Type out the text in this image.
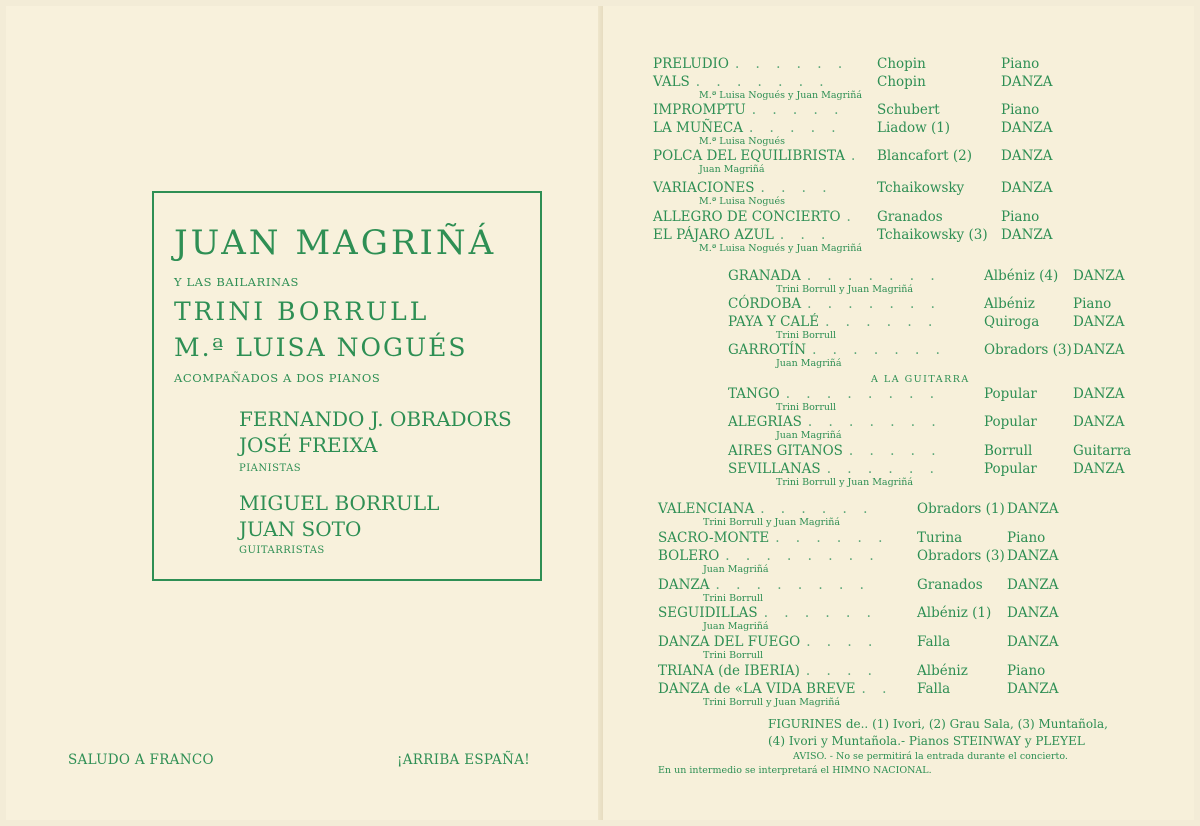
JUAN MAGRIÑÁ
Y LAS BAILARINAS
TRINI BORRULL
M.ª LUISA NOGUÉS
ACOMPAÑADOS A DOS PIANOS
FERNANDO J. OBRADORS
JOSÉ FREIXA
PIANISTAS
MIGUEL BORRULL
JUAN SOTO
GUITARRISTAS
SALUDO A FRANCO	¡ARRIBA ESPAÑA!
PRELUDIO	Chopin	Piano
. . . . . .
VALS	Chopin	DANZA
M.ª Luisa Nogués y Juan Magriñá
. . . . . . .
IMPROMPTU	Schubert	Piano
. . . . .
LA MUÑECA	Liadow (1)	DANZA
M.ª Luisa Nogués
. . . . .
POLCA DEL EQUILIBRISTA Blancafort (2) DANZA
Juan Magriñá
.
VARIACIONES	Tchaikowsky	DANZA
M.ª Luisa Nogués
. . . .
ALLEGRO DE CONCIERTO	Granados	Piano
.
EL PÁJARO AZUL	Tchaikowsky (3) DANZA
M.ª Luisa Nogués y Juan Magriñá
. . .
GRANADA	Albéniz (4) DANZA
Trini Borrull y Juan Magriñá
. . . . . . .
CÓRDOBA	Albéniz	Piano
. . . . . . .
PAYA Y CALÉ	Quiroga DANZA
Trini Borrull
. . . . . .
GARROTÍN	Obradors (3) DANZA
Juan Magriñá
. . . . . . .
TANGO	Popular	DANZA
Trini Borrull
. . . . . . . .
ALEGRIAS	Popular	DANZA
Juan Magriñá
. . . . . . .
AIRES GITANOS	Borrull	Guitarra
. . . . .
SEVILLANAS	Popular	DANZA
Trini Borrull y Juan Magriñá
. . . . . .
VALENCIANA	Obradors (1) DANZA
Trini Borrull y Juan Magriñá
. . . . . .
SACRO-MONTE	Turina	Piano
. . . . . .
BOLERO	Obradors (3) DANZA
Juan Magriñá
. . . . . . . .
DANZA	Granados DANZA
Trini Borrull
. . . . . . . .
SEGUIDILLAS	Albéniz (1) DANZA
Juan Magriñá
. . . . . .
DANZA DEL FUEGO	Falla	DANZA
Trini Borrull
. . . .
TRIANA (de IBERIA)	Albéniz	Piano
. . . .
DANZA de «LA VIDA BREVE	Falla	DANZA
Trini Borrull y Juan Magriñá
. .
A LA GUITARRA
FIGURINES de.. (1) Ivori, (2) Grau Sala, (3) Muntañola,
(4) Ivori y Muntañola.- Pianos STEINWAY y PLEYEL
AVISO. - No se permitirá la entrada durante el concierto.
En un intermedio se interpretará el HIMNO NACIONAL.
